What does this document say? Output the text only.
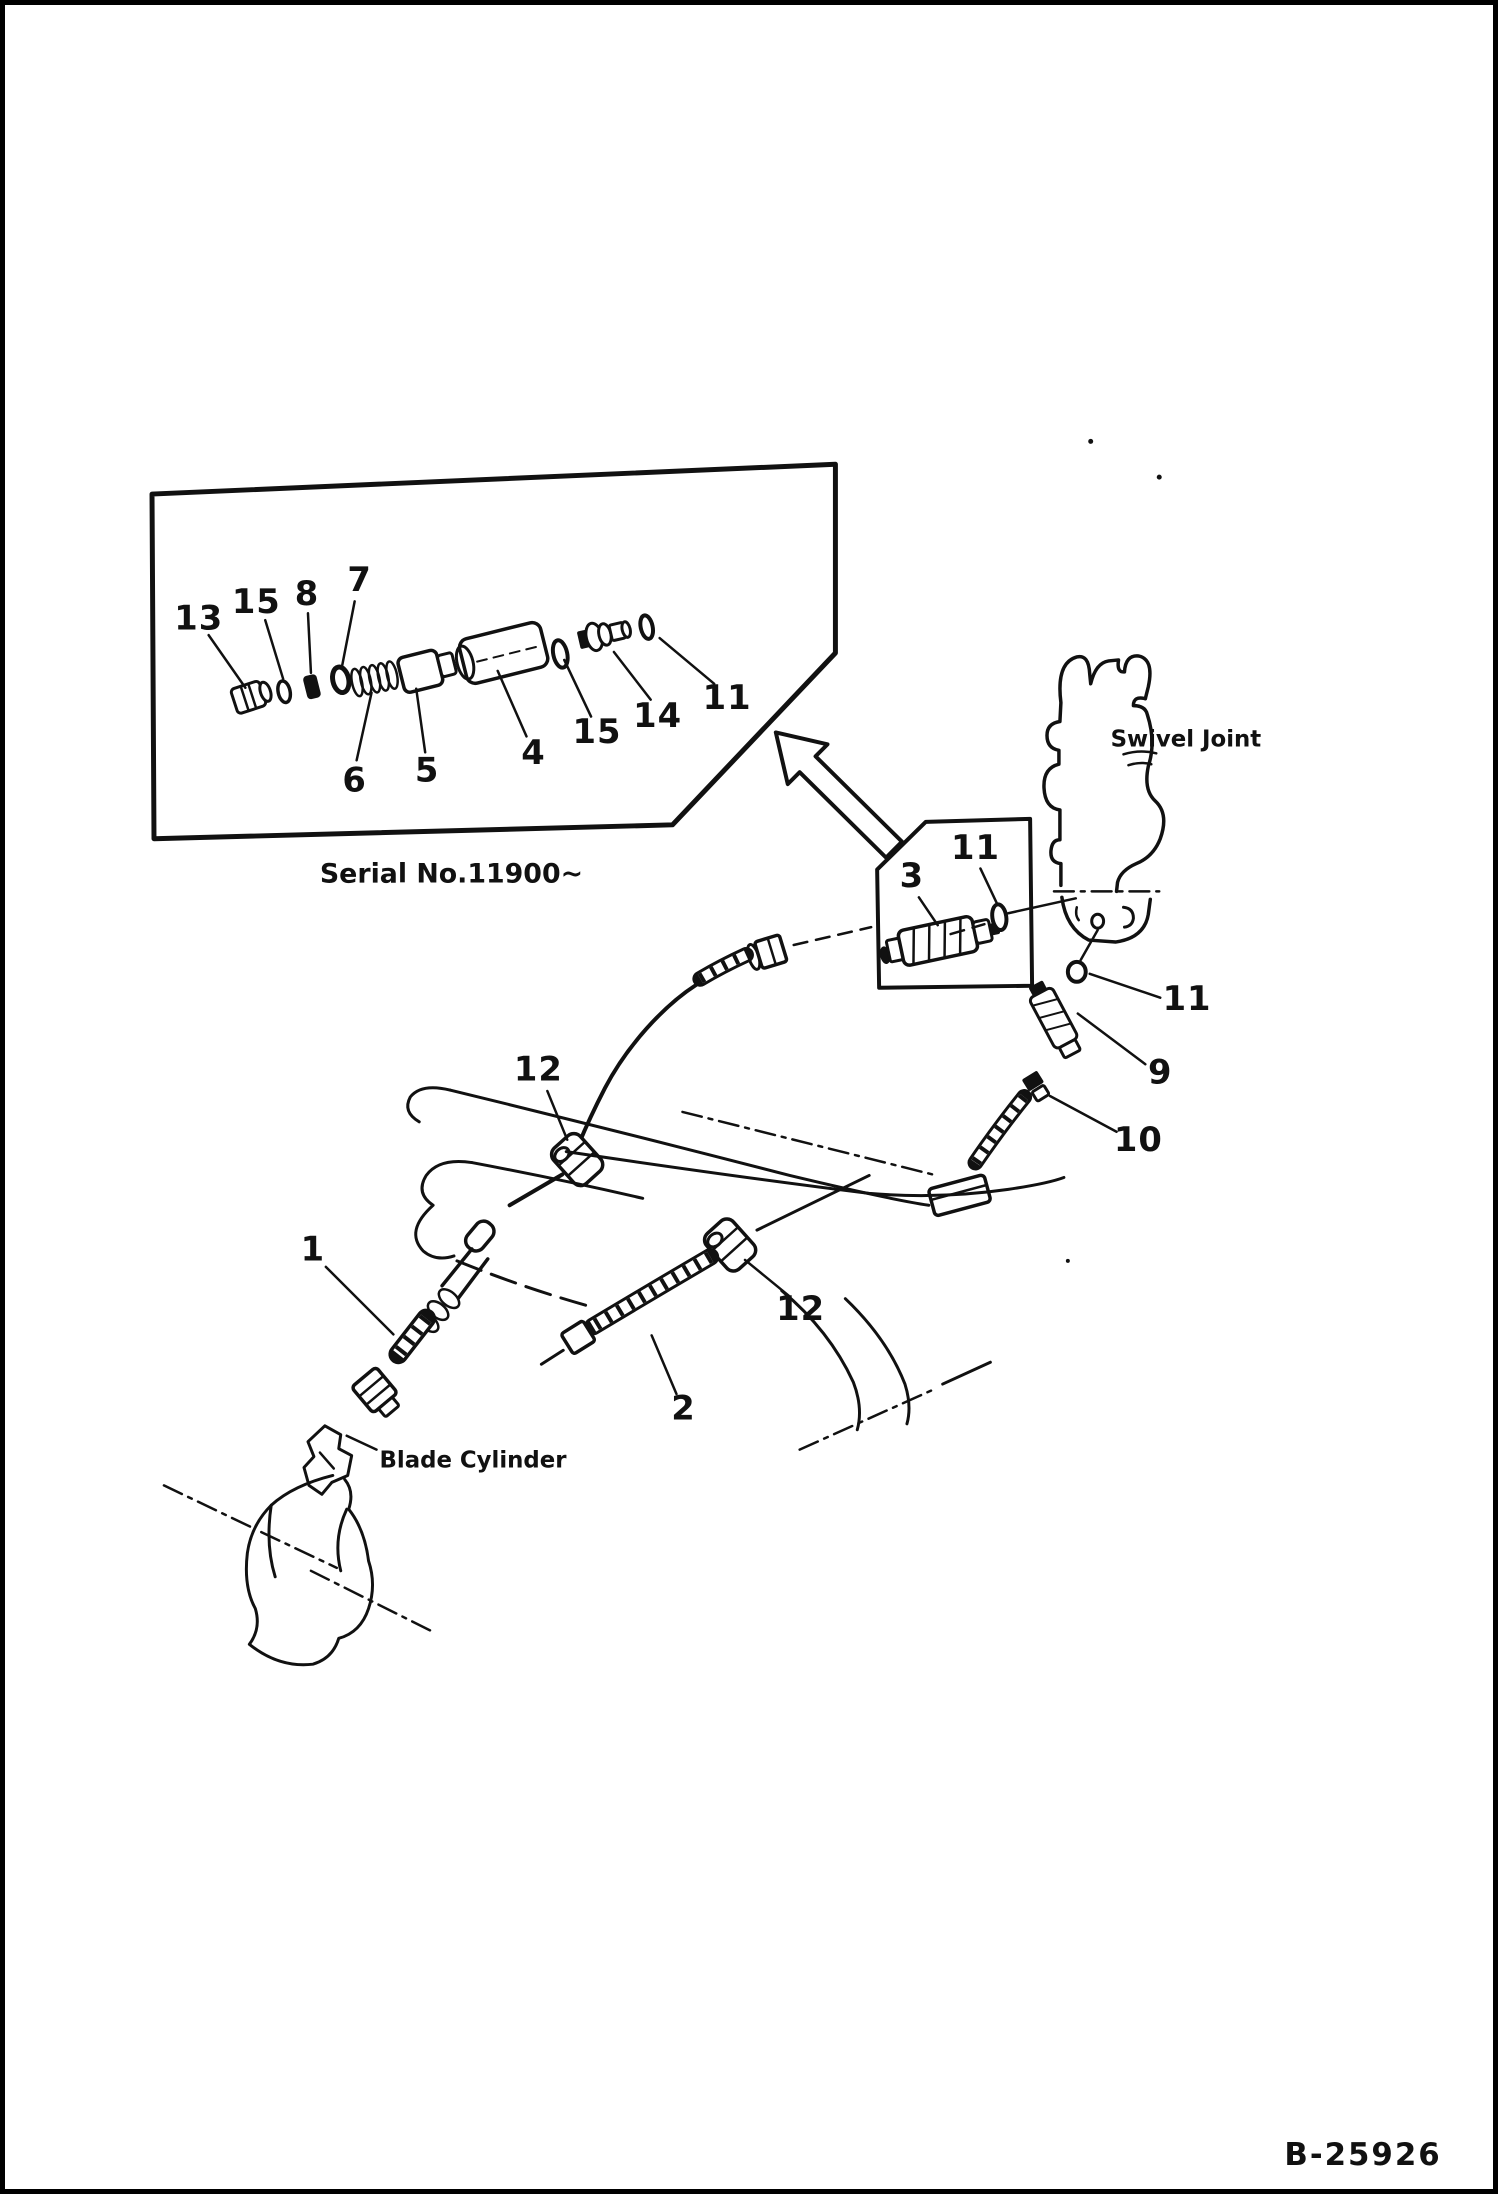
13 15 8 7
6 5 4
15 14 11
Serial No.11900~	3
11
Swivel Joint
11
9
10
12
12
2
1
Blade Cylinder
B-25926
